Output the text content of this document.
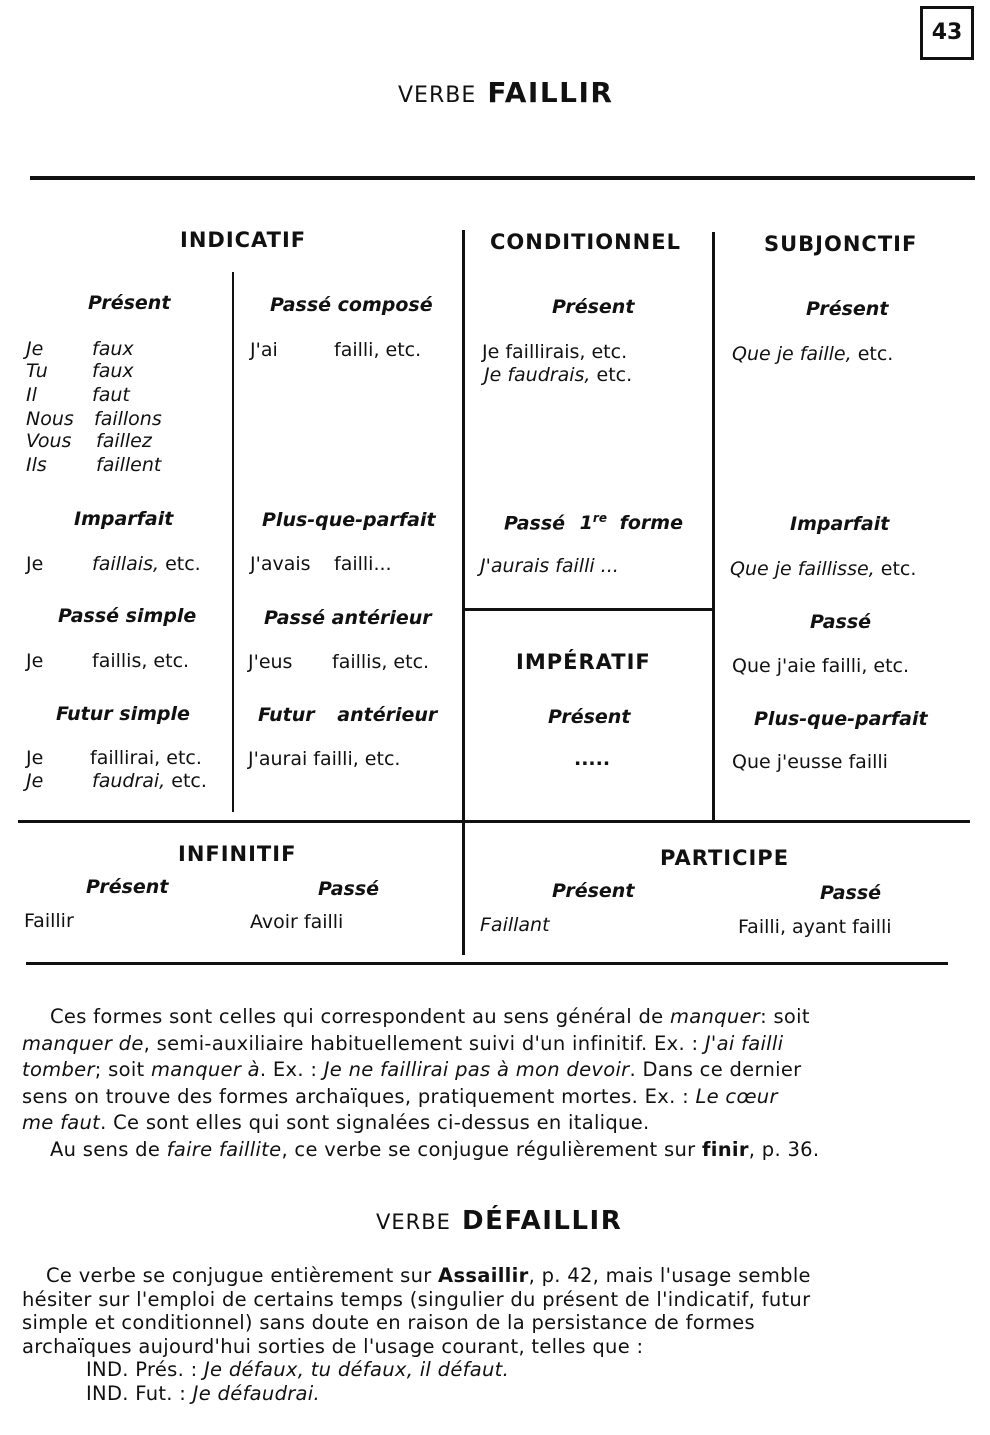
43
VERBE FAILLIR
INDICATIF
Présent
Je	faux
Tu faux
Il	faut
Nous faillons
Vous faillez
Ils	faillent
Passé composé
J'ai	failli, etc.
Imparfait
Je	faillais, etc.
Plus-que-parfait
J'avais failli...
Passé simple
Je	faillis, etc.
Passé antérieur
J'eus faillis, etc.
Futur simple
Je faillirai, etc.
Je	faudrai, etc.
Futur antérieur
J'aurai failli, etc.
CONDITIONNEL
Présent
Je faillirais, etc.
Je faudrais, etc.
Passé 1re forme
J'aurais failli ...
IMPÉRATIF
Présent
.....
SUBJONCTIF
Présent
Que je faille, etc.
Imparfait
Que je faillisse, etc.
Passé
Que j'aie failli, etc.
Plus-que-parfait
Que j'eusse failli
INFINITIF
Présent	Passé
Faillir	Avoir failli
PARTICIPE
Présent	Passé
Faillant	Failli, ayant failli

Ces formes sont celles qui correspondent au sens général de manquer: soit

manquer de, semi-auxiliaire habituellement suivi d'un infinitif. Ex. : J'ai failli

tomber; soit manquer à. Ex. : Je ne faillirai pas à mon devoir. Dans ce dernier

sens on trouve des formes archaïques, pratiquement mortes. Ex. : Le cœur

me faut. Ce sont elles qui sont signalées ci-dessus en italique.

Au sens de faire faillite, ce verbe se conjugue régulièrement sur finir, p. 36.

VERBE DÉFAILLIR

Ce verbe se conjugue entièrement sur Assaillir, p. 42, mais l'usage semble

hésiter sur l'emploi de certains temps (singulier du présent de l'indicatif, futur

simple et conditionnel) sans doute en raison de la persistance de formes

archaïques aujourd'hui sorties de l'usage courant, telles que :

IND. Prés. : Je défaux, tu défaux, il défaut.

IND. Fut. : Je défaudrai.
